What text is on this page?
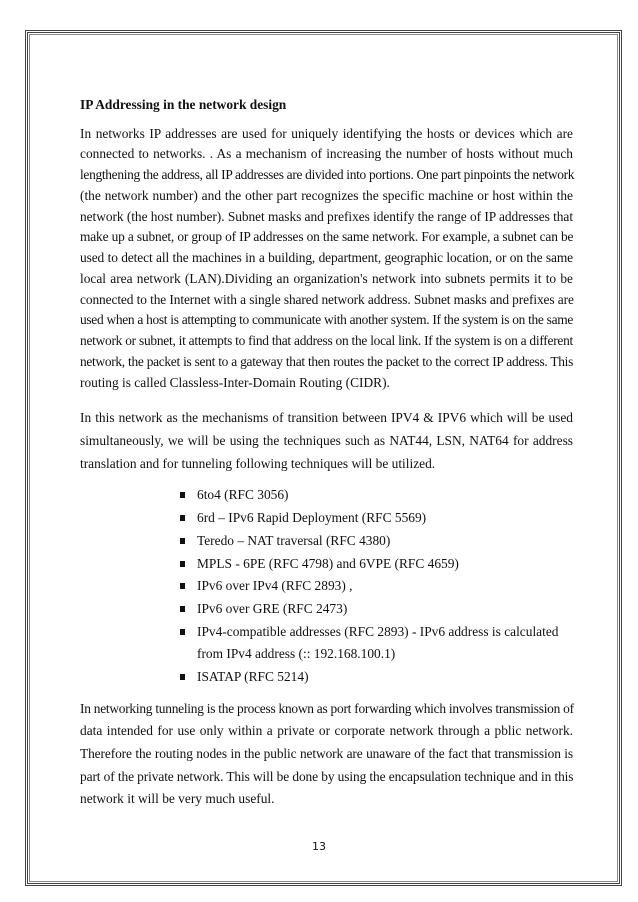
IP Addressing in the network design
In networks IP addresses are used for uniquely identifying the hosts or devices which are
connected to networks. . As a mechanism of increasing the number of hosts without much
lengthening the address, all IP addresses are divided into portions. One part pinpoints the network
(the network number) and the other part recognizes the specific machine or host within the
network (the host number). Subnet masks and prefixes identify the range of IP addresses that
make up a subnet, or group of IP addresses on the same network. For example, a subnet can be
used to detect all the machines in a building, department, geographic location, or on the same
local area network (LAN).Dividing an organization's network into subnets permits it to be
connected to the Internet with a single shared network address. Subnet masks and prefixes are
used when a host is attempting to communicate with another system. If the system is on the same
network or subnet, it attempts to find that address on the local link. If the system is on a different
network, the packet is sent to a gateway that then routes the packet to the correct IP address. This
routing is called Classless-Inter-Domain Routing (CIDR).
In this network as the mechanisms of transition between IPV4 & IPV6 which will be used
simultaneously, we will be using the techniques such as NAT44, LSN, NAT64 for address
translation and for tunneling following techniques will be utilized.
6to4 (RFC 3056)
6rd – IPv6 Rapid Deployment (RFC 5569)
Teredo – NAT traversal (RFC 4380)
MPLS - 6PE (RFC 4798) and 6VPE (RFC 4659)
IPv6 over IPv4 (RFC 2893) ,
IPv6 over GRE (RFC 2473)
IPv4-compatible addresses (RFC 2893) - IPv6 address is calculated from IPv4 address (:: 192.168.100.1)
ISATAP (RFC 5214)
In networking tunneling is the process known as port forwarding which involves transmission of
data intended for use only within a private or corporate network through a pblic network.
Therefore the routing nodes in the public network are unaware of the fact that transmission is
part of the private network. This will be done by using the encapsulation technique and in this
network it will be very much useful.
13
